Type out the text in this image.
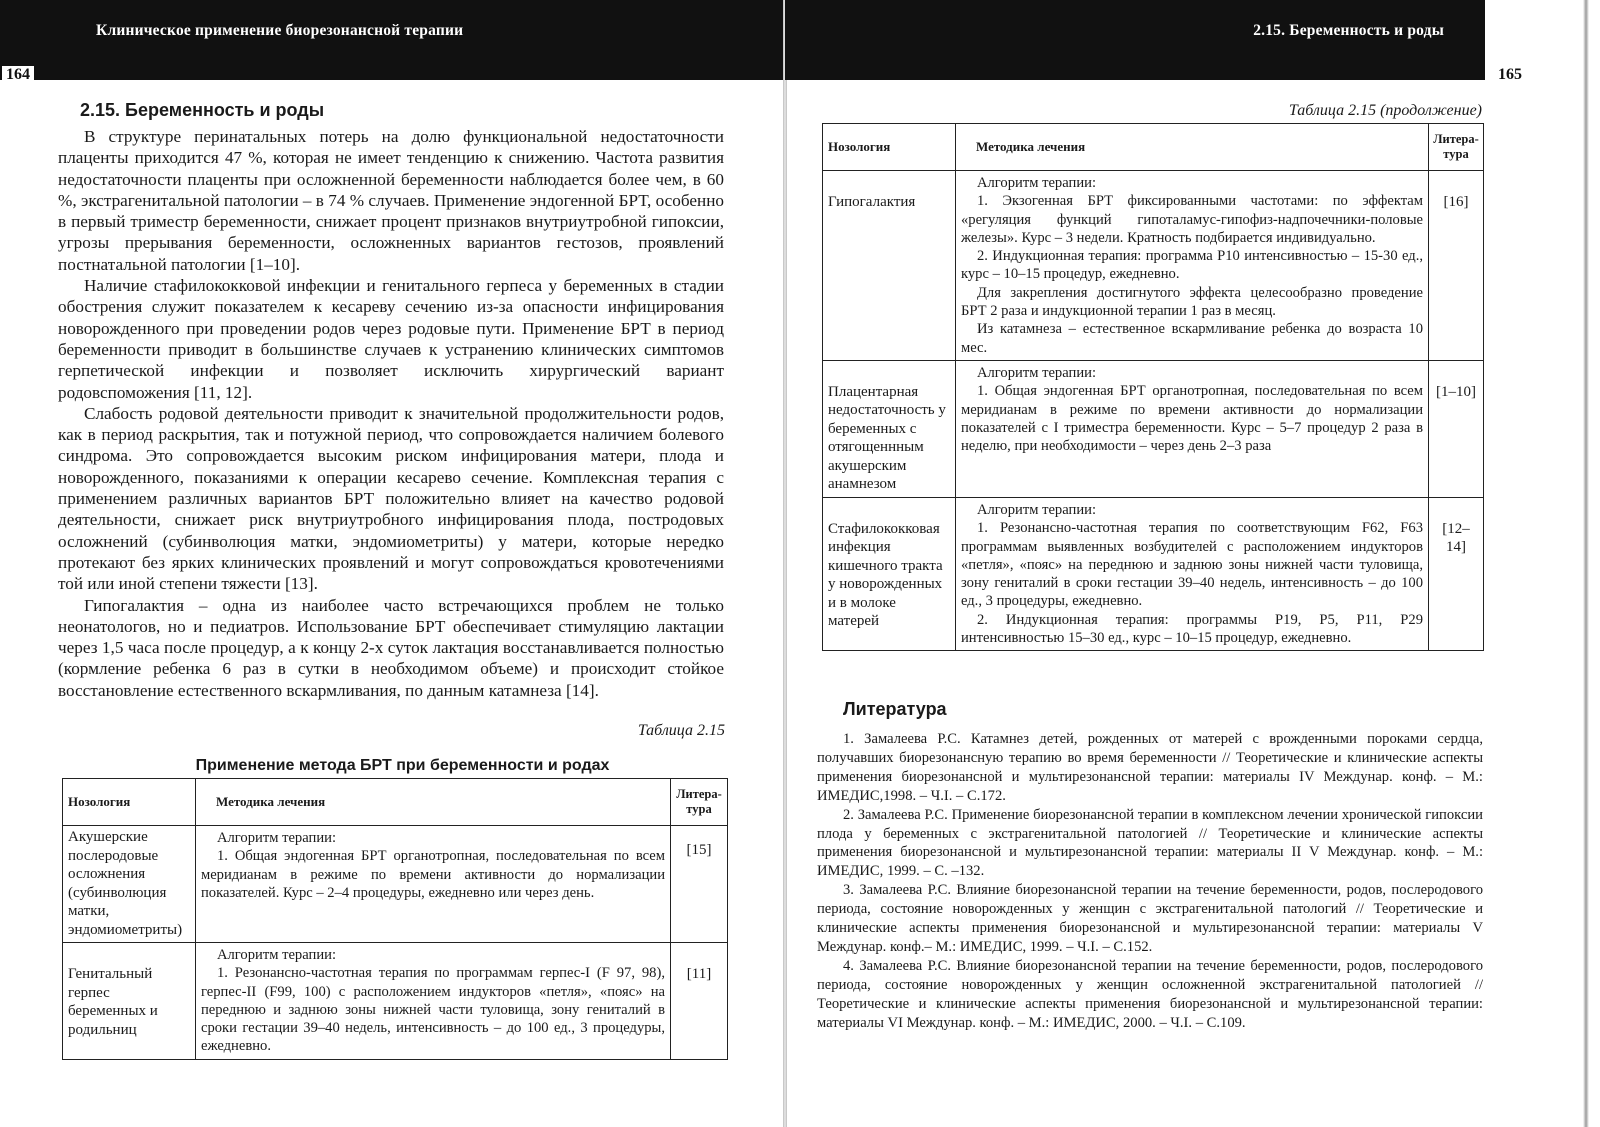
Клиническое применение биорезонансной терапии
164
2.15. Беременность и роды

В структуре перинатальных потерь на долю функциональной недостаточности плаценты приходится 47 %, которая не имеет тенденцию к снижению. Частота развития недостаточности плаценты при осложненной беременности наблюдается более чем, в 60 %, экстрагенитальной патологии – в 74 % случаев. Применение эндогенной БРТ, особенно в первый триместр беременности, снижает процент признаков внутриутробной гипоксии, угрозы прерывания беременности, осложненных вариантов гестозов, проявлений постнатальной патологии [1–10].

Наличие стафилококковой инфекции и генитального герпеса у беременных в стадии обострения служит показателем к кесареву сечению из-за опасности инфицирования новорожденного при проведении родов через родовые пути. Применение БРТ в период беременности приводит в большинстве случаев к устранению клинических симптомов герпетической инфекции и позволяет исключить хирургический вариант родовспоможения [11, 12].

Слабость родовой деятельности приводит к значительной продолжительности родов, как в период раскрытия, так и потужной период, что сопровождается наличием болевого синдрома. Это сопровождается высоким риском инфицирования матери, плода и новорожденного, показаниями к операции кесарево сечение. Комплексная терапия с применением различных вариантов БРТ положительно влияет на качество родовой деятельности, снижает риск внутриутробного инфицирования плода, постродовых осложнений (субинволюция матки, эндомиометриты) у матери, которые нередко протекают без ярких клинических проявлений и могут сопровождаться кровотечениями той или иной степени тяжести [13].

Гипогалактия – одна из наиболее часто встречающихся проблем не только неонатологов, но и педиатров. Использование БРТ обеспечивает стимуляцию лактации через 1,5 часа после процедур, а к концу 2-х суток лактация восстанавливается полностью (кормление ребенка 6 раз в сутки в необходимом объеме) и происходит стойкое восстановление естественного вскармливания, по данным катамнеза [14].

Таблица 2.15
Применение метода БРТ при беременности и родах
Нозология	Методика лечения	Литера-тура
Акушерские послеродовые осложнения (субинволюция матки, эндомиометриты)	Алгоритм терапии:

1. Общая эндогенная БРТ органотропная, последовательная по всем меридианам в режиме по времени активности до нормализации показателей. Курс – 2–4 процедуры, ежедневно или через день.	[15]
Генитальный герпес беременных и родильниц	Алгоритм терапии:

1. Резонансно-частотная терапия по программам герпес-I (F 97, 98), герпес-II (F99, 100) с расположением индукторов «петля», «пояс» на переднюю и заднюю зоны нижней части туловища, зону гениталий в сроки гестации 39–40 недель, интенсивность – до 100 ед., 3 процедуры, ежедневно.	[11]
2.15. Беременность и роды
165
Таблица 2.15 (продолжение)
Нозология	Методика лечения	Литера-тура
Гипогалактия	Алгоритм терапии:

1. Экзогенная БРТ фиксированными частотами: по эффектам «регуляция функций гипоталамус-гипофиз-надпочечники-половые железы». Курс – 3 недели. Кратность подбирается индивидуально.

2. Индукционная терапия: программа Р10 интенсивностью – 15-30 ед., курс – 10–15 процедур, ежедневно.

Для закрепления достигнутого эффекта целесообразно проведение БРТ 2 раза и индукционной терапии 1 раз в месяц.

Из катамнеза – естественное вскармливание ребенка до возраста 10 мес.	[16]
Плацентарная недостаточность у беременных с отягощеннным акушерским анамнезом	Алгоритм терапии:

1. Общая эндогенная БРТ органотропная, последовательная по всем меридианам в режиме по времени активности до нормализации показателей с I триместра беременности. Курс – 5–7 процедур 2 раза в неделю, при необходимости – через день 2–3 раза	[1–10]
Стафилококковая инфекция кишечного тракта у новорожденных и в молоке матерей	Алгоритм терапии:

1. Резонансно-частотная терапия по соответствующим F62, F63 программам выявленных возбудителей с расположением индукторов «петля», «пояс» на переднюю и заднюю зоны нижней части туловища, зону гениталий в сроки гестации 39–40 недель, интенсивность – до 100 ед., 3 процедуры, ежедневно.

2. Индукционная терапия: программы Р19, Р5, Р11, Р29 интенсивностью 15–30 ед., курс – 10–15 процедур, ежедневно.	[12–14]
Литература

1. Замалеева Р.С. Катамнез детей, рожденных от матерей с врожденными пороками сердца, получавших биорезонансную терапию во время беременности // Теоретические и клинические аспекты применения биорезонансной и мультирезонансной терапии: материалы IV Междунар. конф. – М.: ИМЕДИС,1998. – Ч.I. – С.172.

2. Замалеева Р.С. Применение биорезонансной терапии в комплексном лечении хронической гипоксии плода у беременных с экстрагенитальной патологией // Теоретические и клинические аспекты применения биорезонансной и мультирезонансной терапии: материалы II V Междунар. конф. – М.: ИМЕДИС, 1999. – С. –132.

3. Замалеева Р.С. Влияние биорезонансной терапии на течение беременности, родов, послеродового периода, состояние новорожденных у женщин с экстрагенитальной патологий // Теоретические и клинические аспекты применения биорезонансной и мультирезонансной терапии: материалы V Междунар. конф.– М.: ИМЕДИС, 1999. – Ч.I. – С.152.

4. Замалеева Р.С. Влияние биорезонансной терапии на течение беременности, родов, послеродового периода, состояние новорожденных у женщин осложненной экстрагенитальной патологией // Теоретические и клинические аспекты применения биорезонансной и мультирезонансной терапии: материалы VI Междунар. конф. – М.: ИМЕДИС, 2000. – Ч.I. – С.109.
